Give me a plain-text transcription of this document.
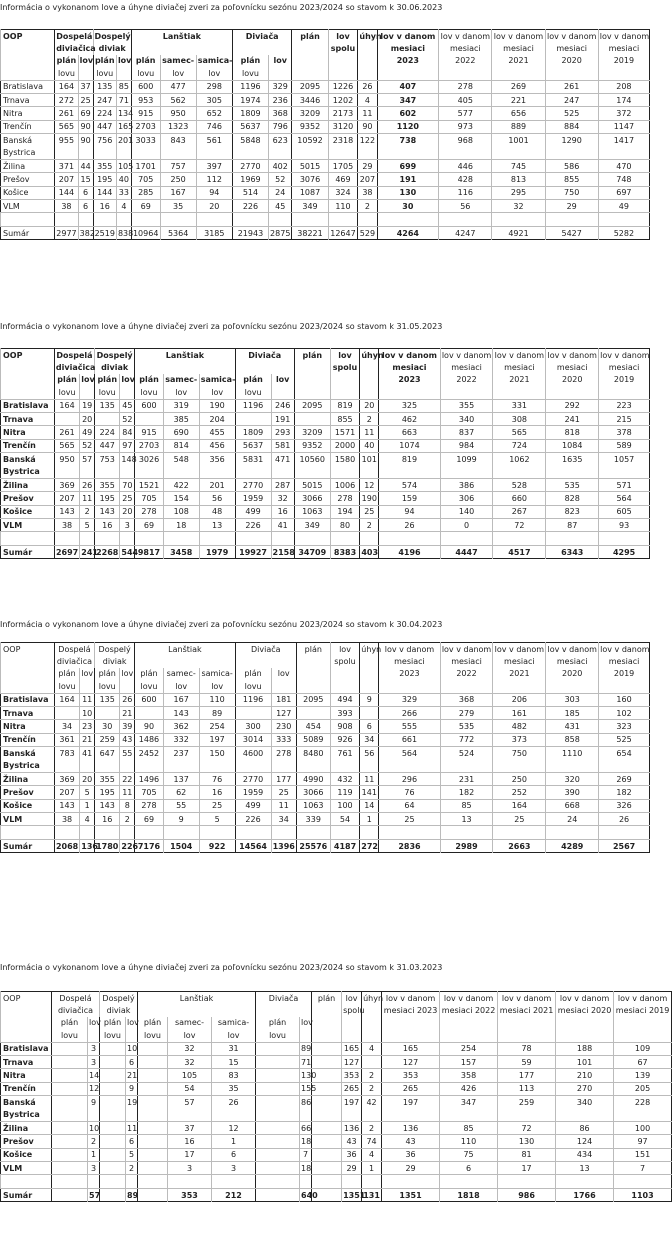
Informácia o vykonanom love a úhyne diviačej zveri za poľovnícku sezónu 2023/2024 so stavom k 30.06.2023
OOP	Dospelá		Dospelý		Lanštiak			Diviača		plán	lov	úhyn	lov v danom	lov v danom	lov v danom	lov v danom	lov v danom
	diviačica		diviak								spolu		mesiaci	mesiaci	mesiaci	mesiaci	mesiaci
	plán	lov	plán	lov	plán	samec-	samica-	plán	lov				2023	2022	2021	2020	2019
	lovu		lovu		lovu	lov	lov	lovu									
Bratislava	164	37	135	85	600	477	298	1196	329	2095	1226	26	407	278	269	261	208
Trnava	272	25	247	71	953	562	305	1974	236	3446	1202	4	347	405	221	247	174
Nitra	261	69	224	134	915	950	652	1809	368	3209	2173	11	602	577	656	525	372
Trenčín	565	90	447	165	2703	1323	746	5637	796	9352	3120	90	1120	973	889	884	1147
Banská	955	90	756	201	3033	843	561	5848	623	10592	2318	122	738	968	1001	1290	1417
Bystrica																	
Žilina	371	44	355	105	1701	757	397	2770	402	5015	1705	29	699	446	745	586	470
Prešov	207	15	195	40	705	250	112	1969	52	3076	469	207	191	428	813	855	748
Košice	144	6	144	33	285	167	94	514	24	1087	324	38	130	116	295	750	697
VLM	38	6	16	4	69	35	20	226	45	349	110	2	30	56	32	29	49

Sumár	2977	382	2519	838	10964	5364	3185	21943	2875	38221	12647	529	4264	4247	4921	5427	5282
Informácia o vykonanom love a úhyne diviačej zveri za poľovnícku sezónu 2023/2024 so stavom k 31.05.2023
OOP	Dospelá		Dospelý		Lanštiak			Diviača		plán	lov	úhyn	lov v danom	lov v danom	lov v danom	lov v danom	lov v danom
	diviačica		diviak								spolu		mesiaci	mesiaci	mesiaci	mesiaci	mesiaci
	plán	lov	plán	lov	plán	samec-	samica-	plán	lov				2023	2022	2021	2020	2019
	lovu		lovu		lovu	lov	lov	lovu									
Bratislava	164	19	135	45	600	319	190	1196	246	2095	819	20	325	355	331	292	223
Trnava		20		52		385	204		191		855	2	462	340	308	241	215
Nitra	261	49	224	84	915	690	455	1809	293	3209	1571	11	663	837	565	818	378
Trenčín	565	52	447	97	2703	814	456	5637	581	9352	2000	40	1074	984	724	1084	589
Banská	950	57	753	148	3026	548	356	5831	471	10560	1580	101	819	1099	1062	1635	1057
Bystrica																	
Žilina	369	26	355	70	1521	422	201	2770	287	5015	1006	12	574	386	528	535	571
Prešov	207	11	195	25	705	154	56	1959	32	3066	278	190	159	306	660	828	564
Košice	143	2	143	20	278	108	48	499	16	1063	194	25	94	140	267	823	605
VLM	38	5	16	3	69	18	13	226	41	349	80	2	26	0	72	87	93

Sumár	2697	241	2268	544	9817	3458	1979	19927	2158	34709	8383	403	4196	4447	4517	6343	4295
Informácia o vykonanom love a úhyne diviačej zveri za poľovnícku sezónu 2023/2024 so stavom k 30.04.2023
OOP	Dospelá		Dospelý		Lanštiak			Diviača		plán	lov	úhyn	lov v danom	lov v danom	lov v danom	lov v danom	lov v danom
	diviačica		diviak								spolu		mesiaci	mesiaci	mesiaci	mesiaci	mesiaci
	plán	lov	plán	lov	plán	samec-	samica-	plán	lov				2023	2022	2021	2020	2019
	lovu		lovu		lovu	lov	lov	lovu									
Bratislava	164	11	135	26	600	167	110	1196	181	2095	494	9	329	368	206	303	160
Trnava		10		21		143	89		127		393		266	279	161	185	102
Nitra	34	23	30	39	90	362	254	300	230	454	908	6	555	535	482	431	323
Trenčín	361	21	259	43	1486	332	197	3014	333	5089	926	34	661	772	373	858	525
Banská	783	41	647	55	2452	237	150	4600	278	8480	761	56	564	524	750	1110	654
Bystrica																	
Žilina	369	20	355	22	1496	137	76	2770	177	4990	432	11	296	231	250	320	269
Prešov	207	5	195	11	705	62	16	1959	25	3066	119	141	76	182	252	390	182
Košice	143	1	143	8	278	55	25	499	11	1063	100	14	64	85	164	668	326
VLM	38	4	16	2	69	9	5	226	34	339	54	1	25	13	25	24	26

Sumár	2068	136	1780	226	7176	1504	922	14564	1396	25576	4187	272	2836	2989	2663	4289	2567
Informácia o vykonanom love a úhyne diviačej zveri za poľovnícku sezónu 2023/2024 so stavom k 31.03.2023
OOP	Dospelá		Dospelý		Lanštiak			Diviača		plán	lov	úhyn	lov v danom	lov v danom	lov v danom	lov v danom	lov v danom
	diviačica		diviak								spolu		mesiaci 2023	mesiaci 2022	mesiaci 2021	mesiaci 2020	mesiaci 2019
	plán	lov	plán	lov	plán	samec-	samica-	plán	lov								
	lovu		lovu		lovu	lov	lov	lovu									
Bratislava		3		10		32	31		89		165	4	165	254	78	188	109
Trnava		3		6		32	15		71		127		127	157	59	101	67
Nitra		14		21		105	83		130		353	2	353	358	177	210	139
Trenčín		12		9		54	35		155		265	2	265	426	113	270	205
Banská		9		19		57	26		86		197	42	197	347	259	340	228
Bystrica																	
Žilina		10		11		37	12		66		136	2	136	85	72	86	100
Prešov		2		6		16	1		18		43	74	43	110	130	124	97
Košice		1		5		17	6		7		36	4	36	75	81	434	151
VLM		3		2		3	3		18		29	1	29	6	17	13	7

Sumár		57		89		353	212		640		1351	131	1351	1818	986	1766	1103
